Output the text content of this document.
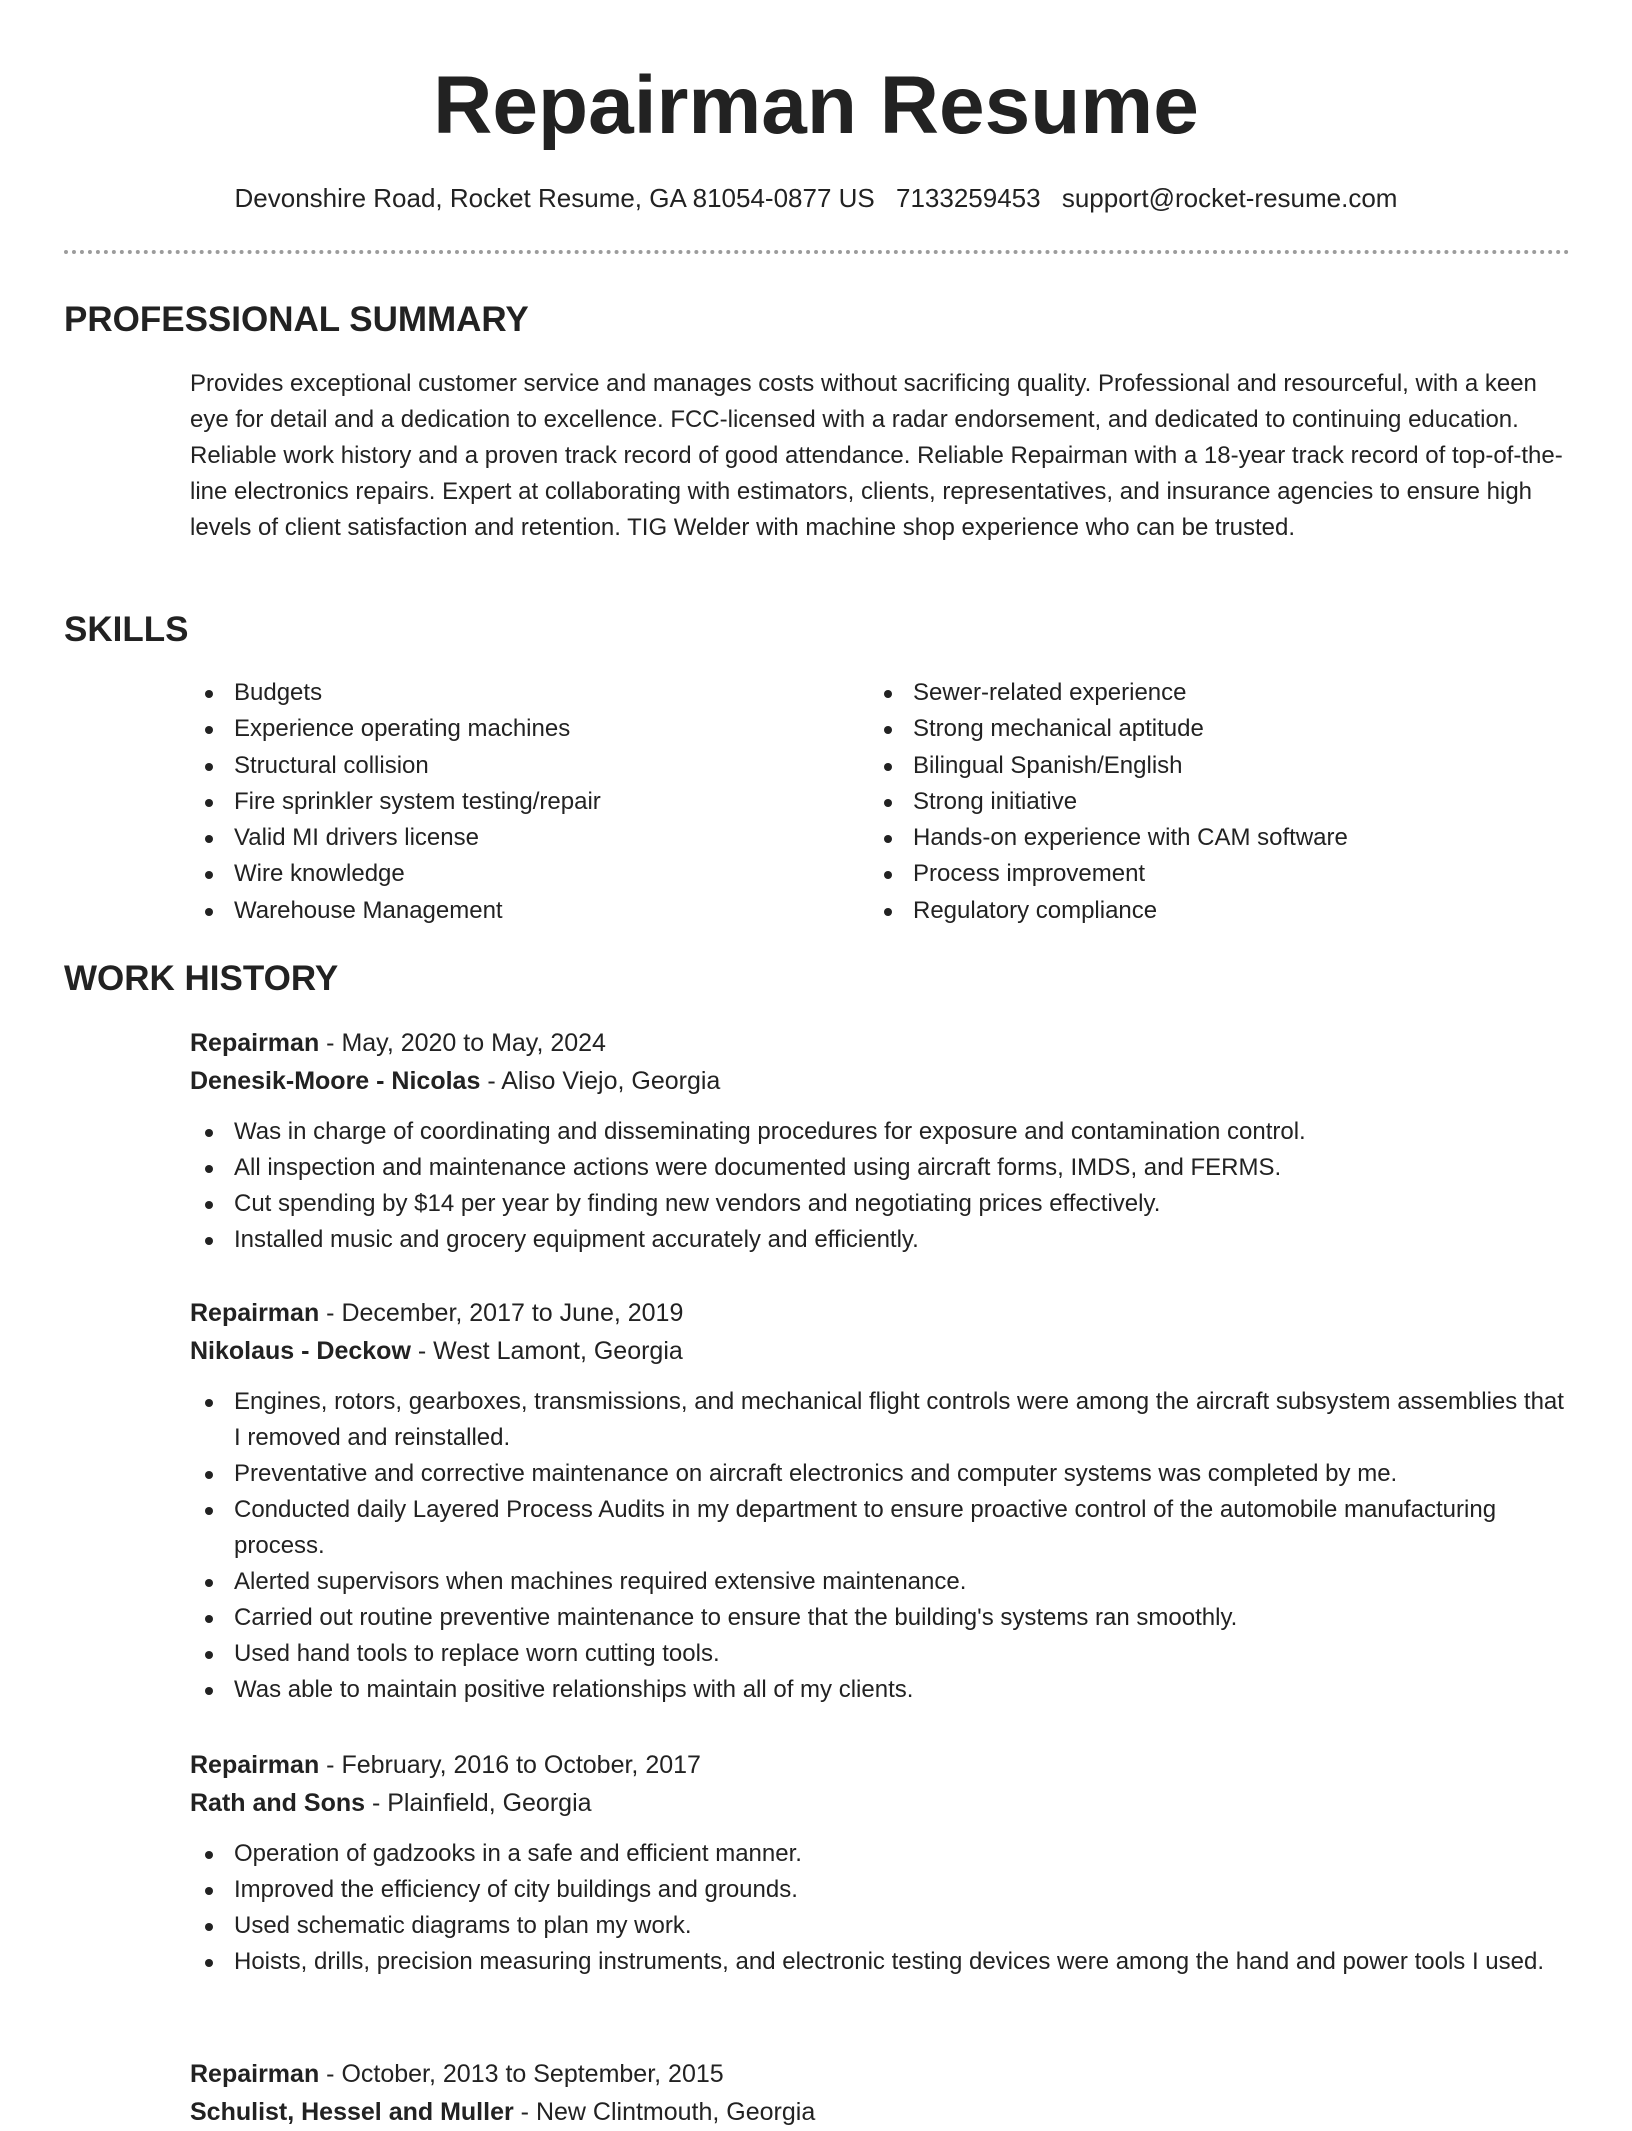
Repairman Resume
Devonshire Road, Rocket Resume, GA 81054-0877 US 7133259453 support@rocket-resume.com
PROFESSIONAL SUMMARY

Provides exceptional customer service and manages costs without sacrificing quality. Professional and resourceful, with a keen eye for detail and a dedication to excellence. FCC-licensed with a radar endorsement, and dedicated to continuing education. Reliable work history and a proven track record of good attendance. Reliable Repairman with a 18-year track record of top-of-the-line electronics repairs. Expert at collaborating with estimators, clients, representatives, and insurance agencies to ensure high levels of client satisfaction and retention. TIG Welder with machine shop experience who can be trusted.

SKILLS
Budgets
Experience operating machines
Structural collision
Fire sprinkler system testing/repair
Valid MI drivers license
Wire knowledge
Warehouse Management
Sewer-related experience
Strong mechanical aptitude
Bilingual Spanish/English
Strong initiative
Hands-on experience with CAM software
Process improvement
Regulatory compliance
WORK HISTORY
Repairman - May, 2020 to May, 2024
Denesik-Moore - Nicolas - Aliso Viejo, Georgia
Was in charge of coordinating and disseminating procedures for exposure and contamination control.
All inspection and maintenance actions were documented using aircraft forms, IMDS, and FERMS.
Cut spending by $14 per year by finding new vendors and negotiating prices effectively.
Installed music and grocery equipment accurately and efficiently.
Repairman - December, 2017 to June, 2019
Nikolaus - Deckow - West Lamont, Georgia
Engines, rotors, gearboxes, transmissions, and mechanical flight controls were among the aircraft subsystem assemblies that I removed and reinstalled.
Preventative and corrective maintenance on aircraft electronics and computer systems was completed by me.
Conducted daily Layered Process Audits in my department to ensure proactive control of the automobile manufacturing process.
Alerted supervisors when machines required extensive maintenance.
Carried out routine preventive maintenance to ensure that the building's systems ran smoothly.
Used hand tools to replace worn cutting tools.
Was able to maintain positive relationships with all of my clients.
Repairman - February, 2016 to October, 2017
Rath and Sons - Plainfield, Georgia
Operation of gadzooks in a safe and efficient manner.
Improved the efficiency of city buildings and grounds.
Used schematic diagrams to plan my work.
Hoists, drills, precision measuring instruments, and electronic testing devices were among the hand and power tools I used.
Repairman - October, 2013 to September, 2015
Schulist, Hessel and Muller - New Clintmouth, Georgia
